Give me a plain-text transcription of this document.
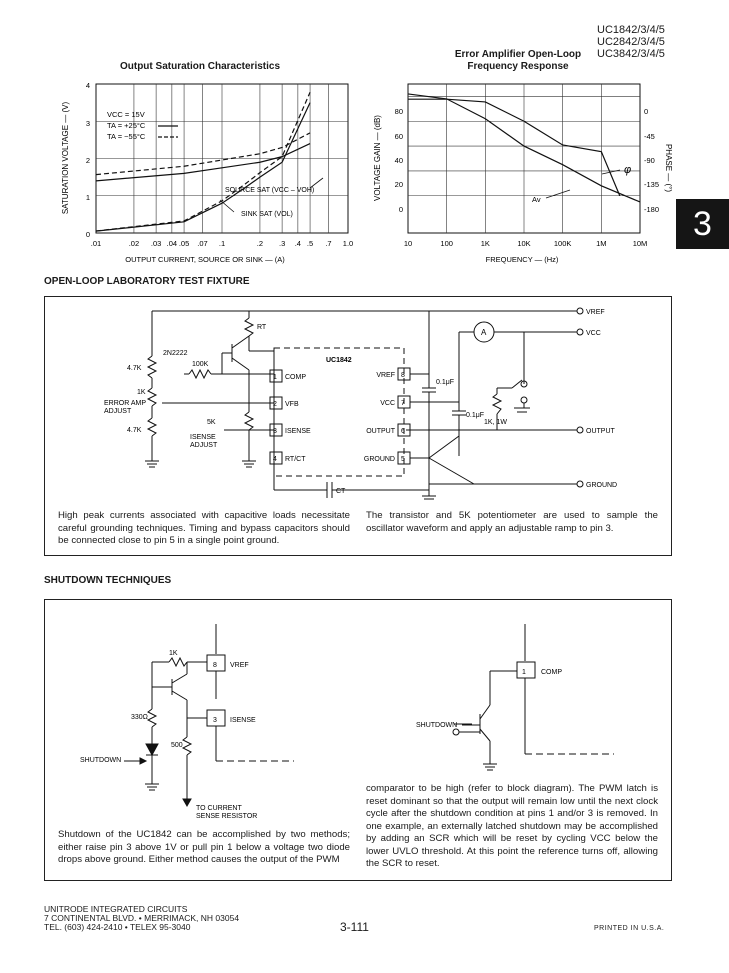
UC1842/3/4/5
UC2842/3/4/5
UC3842/3/4/5
3
Output Saturation Characteristics
Error Amplifier Open-Loop Frequency Response
SATURATION VOLTAGE — (V)
OUTPUT CURRENT, SOURCE OR SINK — (A)
4
3
2
1
0
.01	.02 .03 .04 .05 .07 .1	.2 .3 .4 .5 .7 1.0
VCC = 15V
TA = +25°C
TA = −55°C
SOURCE SAT (VCC – VOH)
SINK SAT (VOL)
VOLTAGE GAIN — (dB)	PHASE — (°)
FREQUENCY — (Hz)
80
60
40
20
0
0
-45
-90
-135
-180
10	100	1K	10K	100K	1M	10M
φ
Av
OPEN-LOOP LABORATORY TEST FIXTURE
2N2222
RT
100K
4.7K
1K
ERROR AMP
ADJUST
4.7K
5K
ISENSE
ADJUST
UC1842
1
2
3
4
8
7
6
5
COMP
VFB
ISENSE
RT/CT
VREF
VCC
OUTPUT
GROUND
0.1μF
0.1μF
1K, 1W
CT
A
VREF
VCC
OUTPUT
GROUND
High peak currents associated with capacitive loads necessitate careful grounding techniques. Timing and bypass capacitors should be connected close to pin 5 in a single point ground.
The transistor and 5K potentiometer are used to sample the oscillator waveform and apply an adjustable ramp to pin 3.
SHUTDOWN TECHNIQUES
1K
8 VREF
3 ISENSE
330Ω
500
SHUTDOWN
TO CURRENT
SENSE RESISTOR
1 COMP
SHUTDOWN
Shutdown of the UC1842 can be accomplished by two methods; either raise pin 3 above 1V or pull pin 1 below a voltage two diode drops above ground. Either method causes the output of the PWM
comparator to be high (refer to block diagram). The PWM latch is reset dominant so that the output will remain low until the next clock cycle after the shutdown condition at pins 1 and/or 3 is removed. In one example, an externally latched shutdown may be accomplished by adding an SCR which will be reset by cycling VCC below the lower UVLO threshold. At this point the reference turns off, allowing the SCR to reset.
UNITRODE INTEGRATED CIRCUITS
7 CONTINENTAL BLVD. • MERRIMACK, NH 03054
TEL. (603) 424-2410 • TELEX 95-3040	3-111	PRINTED IN U.S.A.
